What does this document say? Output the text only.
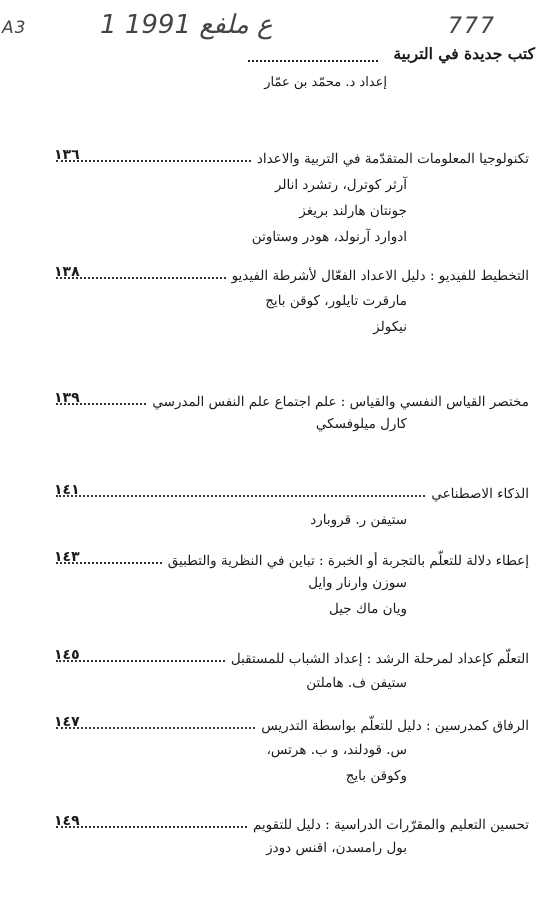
A3	1 ع ملفع 1991	777
كتب جديدة في التربية
إعداد د. محمّد بن عمّار
تكنولوجيا المعلومات المتقدّمة في التربية والاعداد
١٣٦
آرثر كوترل، رتشرد انالر
جونتان هارلند بريغز
ادوارد آرنولد، هودر وستاوتن
التخطيط للفيديو : دليل الاعداد الفعّال لأشرطة الفيديو
١٣٨
مارقرت تايلور، كوقن بايج
نيكولز
مختصر القياس النفسي والقياس : علم اجتماع علم النفس المدرسي
١٣٩
كارل ميلوفسكي
الذكاء الاصطناعي
١٤١
ستيفن ر. قروبارد
إعطاء دلالة للتعلّم بالتجربة أو الخبرة : تباين في النظرية والتطبيق
١٤٣
سوزن وارنار وايل
ويان ماك جيل
التعلّم كإعداد لمرحلة الرشد : إعداد الشباب للمستقبل
١٤٥
ستيفن ف. هاملتن
الرفاق كمدرسين : دليل للتعلّم بواسطة التدريس
١٤٧
س. قودلند، و ب. هرتس،
وكوقن بايج
تحسين التعليم والمقرّرات الدراسية : دليل للتقويم
١٤٩
بول رامسدن، اقنس دودز
